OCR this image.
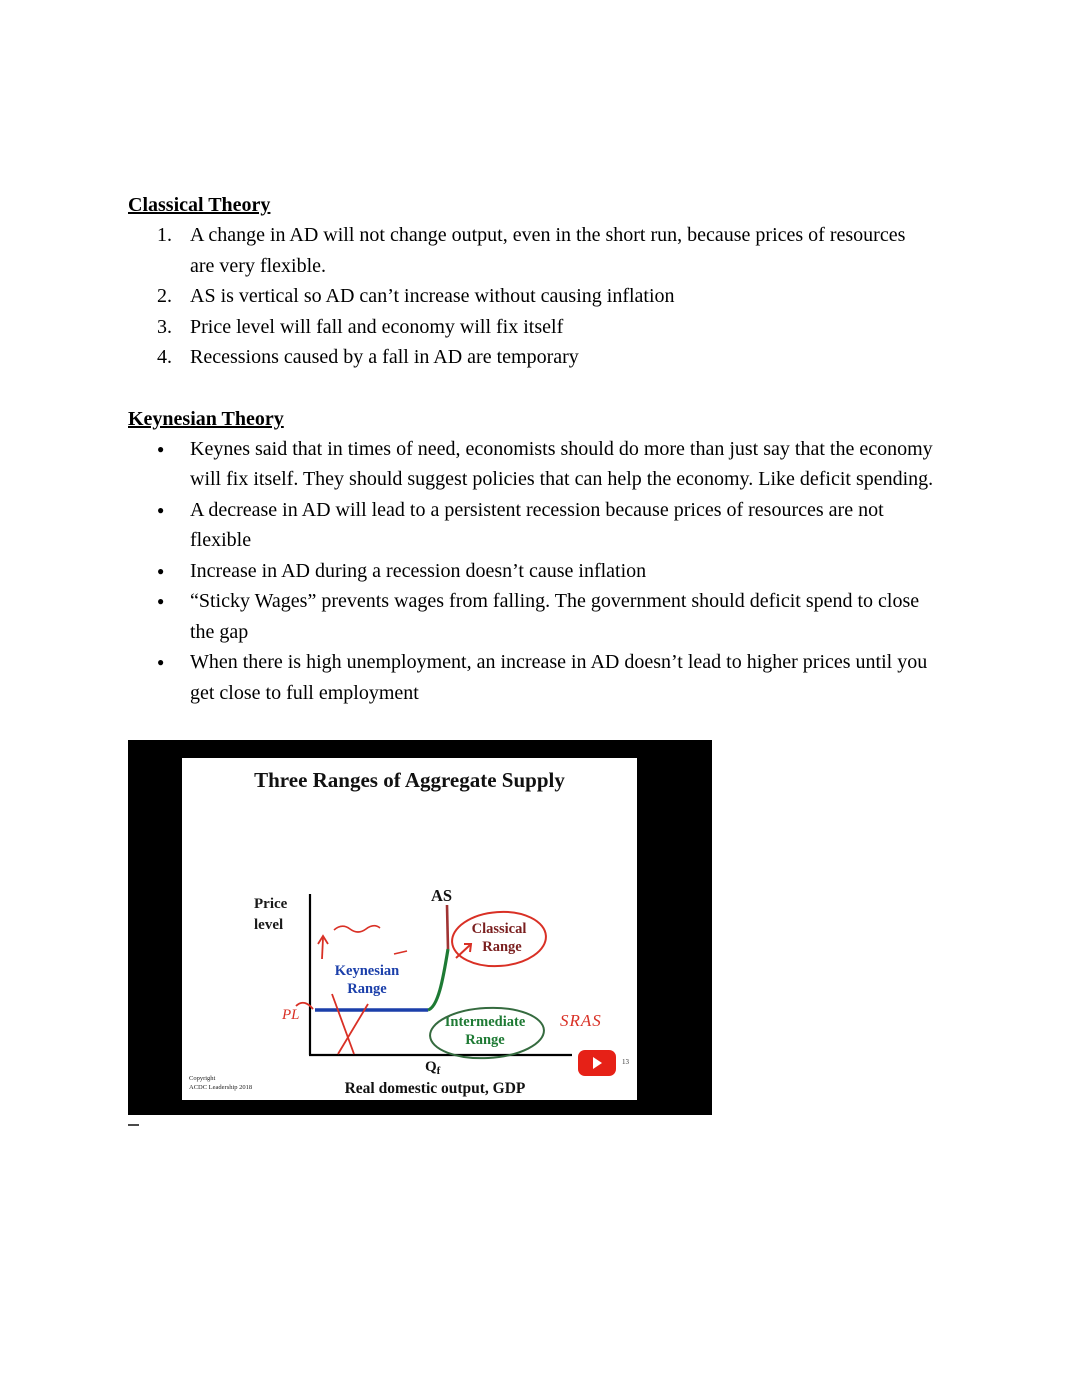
Classical Theory
A change in AD will not change output, even in the short run, because prices of resources are very flexible.
AS is vertical so AD can’t increase without causing inflation
Price level will fall and economy will fix itself
Recessions caused by a fall in AD are temporary
Keynesian Theory
● Keynes said that in times of need, economists should do more than just say that the economy will fix itself. They should suggest policies that can help the economy. Like deficit spending.
● A decrease in AD will lead to a persistent recession because prices of resources are not flexible
● Increase in AD during a recession doesn’t cause inflation
● “Sticky Wages” prevents wages from falling. The government should deficit spend to close the gap
● When there is high unemployment, an increase in AD doesn’t lead to higher prices until you get close to full employment
Three Ranges of Aggregate Supply
Price
level
AS
Keynesian
Range
Classical
Range
Intermediate
Range
SRAS
PL
$Q_f$
Real domestic output, GDP
Copyright
ACDC Leadership 2018
13
